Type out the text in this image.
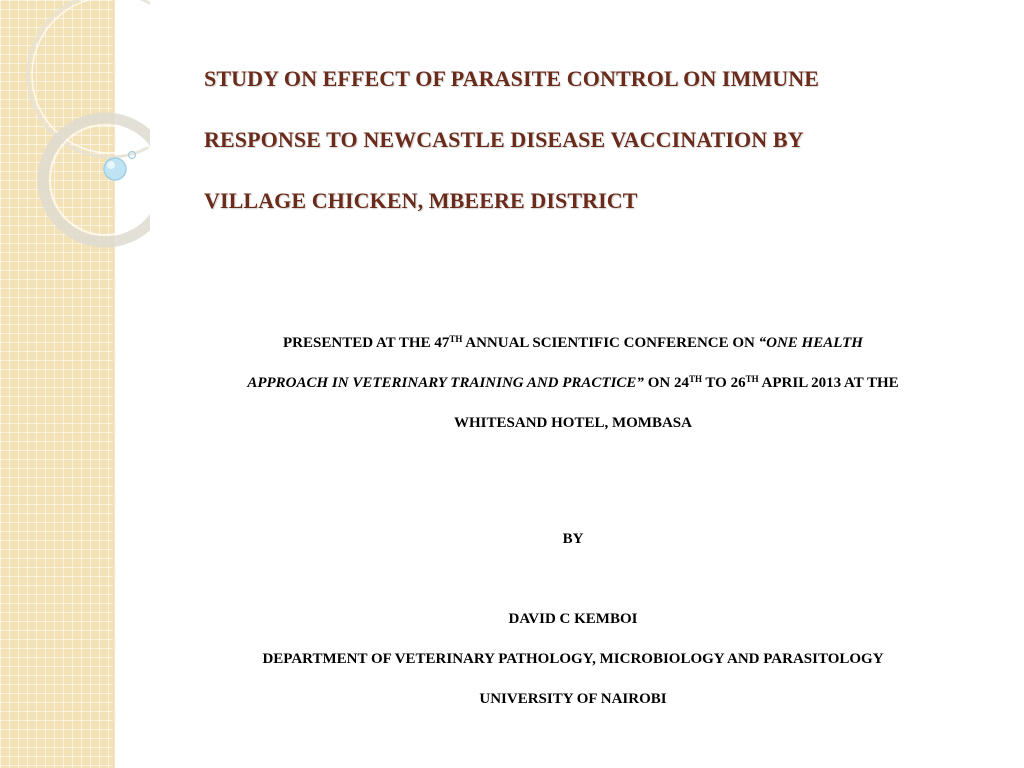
STUDY ON EFFECT OF PARASITE CONTROL ON IMMUNE
RESPONSE TO NEWCASTLE DISEASE VACCINATION BY
VILLAGE CHICKEN, MBEERE DISTRICT
PRESENTED AT THE 47TH ANNUAL SCIENTIFIC CONFERENCE ON “ONE HEALTH
APPROACH IN VETERINARY TRAINING AND PRACTICE” ON 24TH TO 26TH APRIL 2013 AT THE
WHITESAND HOTEL, MOMBASA
BY
DAVID C KEMBOI
DEPARTMENT OF VETERINARY PATHOLOGY, MICROBIOLOGY AND PARASITOLOGY
UNIVERSITY OF NAIROBI
